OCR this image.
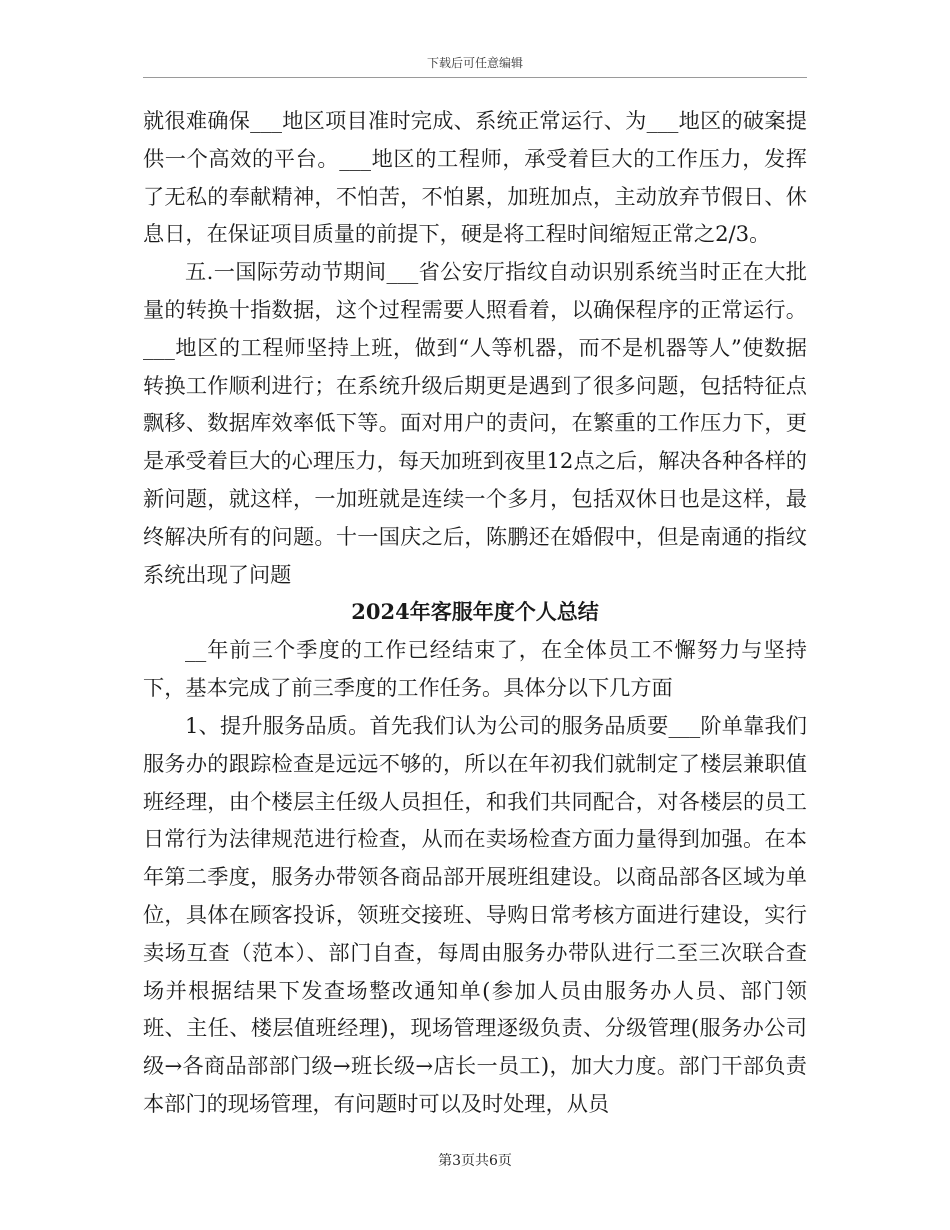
下载后可任意编辑

就很难确保___地区项目准时完成、系统正常运行、为___地区的破案提供一个高效的平台。___地区的工程师，承受着巨大的工作压力，发挥了无私的奉献精神，不怕苦，不怕累，加班加点，主动放弃节假日、休息日，在保证项目质量的前提下，硬是将工程时间缩短正常之2/3。

五.一国际劳动节期间___省公安厅指纹自动识别系统当时正在大批量的转换十指数据，这个过程需要人照看着，以确保程序的正常运行。___地区的工程师坚持上班，做到“人等机器，而不是机器等人”使数据转换工作顺利进行；在系统升级后期更是遇到了很多问题，包括特征点飘移、数据库效率低下等。面对用户的责问，在繁重的工作压力下，更是承受着巨大的心理压力，每天加班到夜里12点之后，解决各种各样的新问题，就这样，一加班就是连续一个多月，包括双休日也是这样，最终解决所有的问题。十一国庆之后，陈鹏还在婚假中，但是南通的指纹系统出现了问题

2024年客服年度个人总结

__年前三个季度的工作已经结束了，在全体员工不懈努力与坚持下，基本完成了前三季度的工作任务。具体分以下几方面

1、提升服务品质。首先我们认为公司的服务品质要___阶单靠我们服务办的跟踪检查是远远不够的，所以在年初我们就制定了楼层兼职值班经理，由个楼层主任级人员担任，和我们共同配合，对各楼层的员工日常行为法律规范进行检查，从而在卖场检查方面力量得到加强。在本年第二季度，服务办带领各商品部开展班组建设。以商品部各区域为单位，具体在顾客投诉，领班交接班、导购日常考核方面进行建设，实行卖场互查（范本）、部门自查，每周由服务办带队进行二至三次联合查场并根据结果下发查场整改通知单(参加人员由服务办人员、部门领班、主任、楼层值班经理)，现场管理逐级负责、分级管理(服务办公司级→各商品部部门级→班长级→店长一员工)，加大力度。部门干部负责本部门的现场管理，有问题时可以及时处理，从员

第3页共6页
